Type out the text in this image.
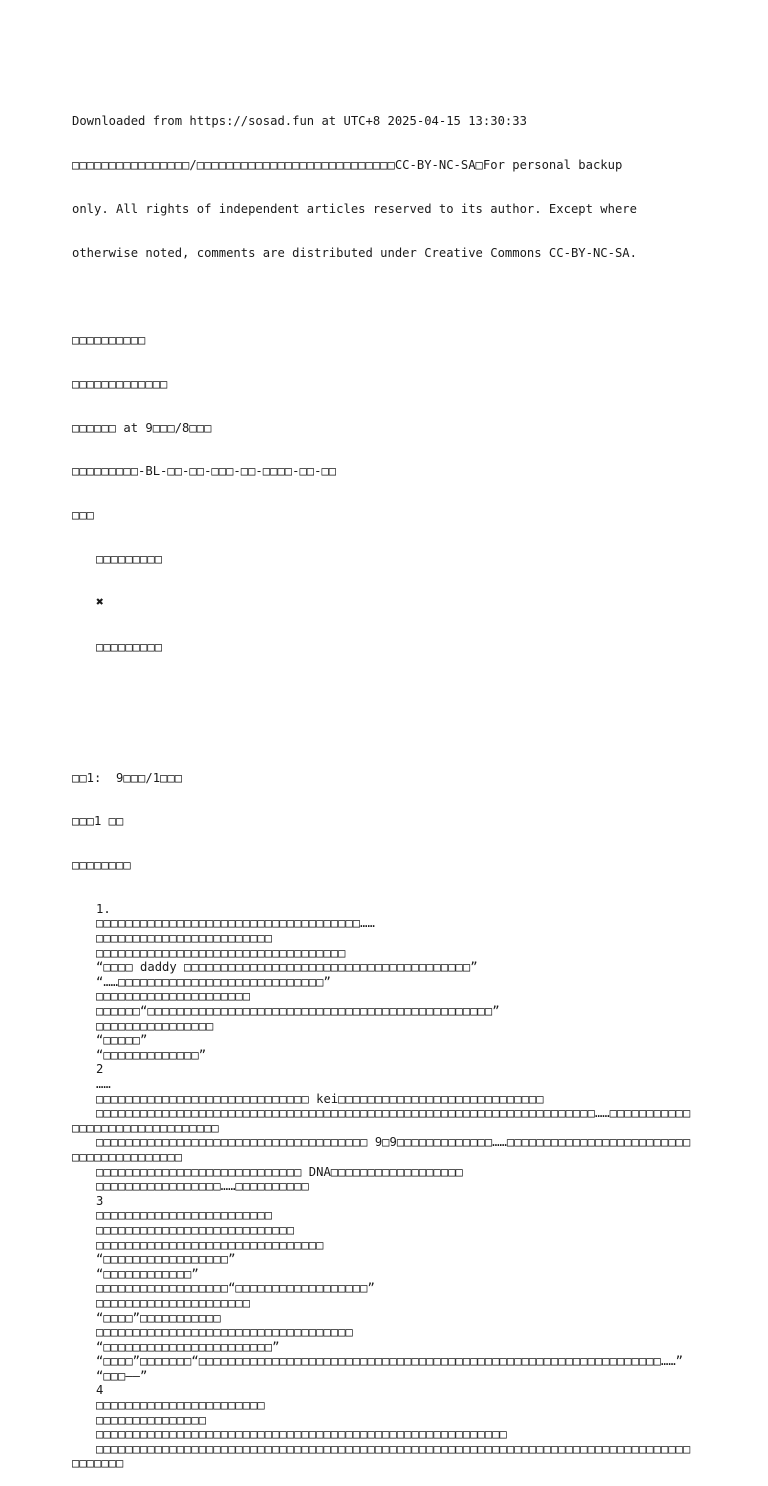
Downloaded from https://sosad.fun at UTC+8 2025-04-15 13:30:33

□□□□□□□□□□□□□□□□/□□□□□□□□□□□□□□□□□□□□□□□□□□□CC-BY-NC-SA□For personal backup

only. All rights of independent articles reserved to its author. Except where

otherwise noted, comments are distributed under Creative Commons CC-BY-NC-SA.

□□□□□□□□□□

□□□□□□□□□□□□□

□□□□□□ at 9□□□/8□□□

□□□□□□□□□-BL-□□-□□-□□□-□□-□□□□-□□-□□

□□□

□□□□□□□□□

✖

□□□□□□□□□

□□1:  9□□□/1□□□

□□□1 □□

□□□□□□□□

1.
□□□□□□□□□□□□□□□□□□□□□□□□□□□□□□□□□□□□……
□□□□□□□□□□□□□□□□□□□□□□□□
□□□□□□□□□□□□□□□□□□□□□□□□□□□□□□□□□□
“□□□□ daddy □□□□□□□□□□□□□□□□□□□□□□□□□□□□□□□□□□□□□□□”
“……□□□□□□□□□□□□□□□□□□□□□□□□□□□□”
□□□□□□□□□□□□□□□□□□□□□
□□□□□□“□□□□□□□□□□□□□□□□□□□□□□□□□□□□□□□□□□□□□□□□□□□□□□□”
□□□□□□□□□□□□□□□□
“□□□□□”
“□□□□□□□□□□□□□”
2
……
□□□□□□□□□□□□□□□□□□□□□□□□□□□□□ kei□□□□□□□□□□□□□□□□□□□□□□□□□□□□
□□□□□□□□□□□□□□□□□□□□□□□□□□□□□□□□□□□□□□□□□□□□□□□□□□□□□□□□□□□□□□□□□□□□……□□□□□□□□□□□□□□□□□□□□□□□□□□□□□□□
□□□□□□□□□□□□□□□□□□□□□□□□□□□□□□□□□□□□□ 9□9□□□□□□□□□□□□□……□□□□□□□□□□□□□□□□□□□□□□□□□□□□□□□□□□□□□□□□
□□□□□□□□□□□□□□□□□□□□□□□□□□□□ DNA□□□□□□□□□□□□□□□□□□
□□□□□□□□□□□□□□□□□……□□□□□□□□□□
3
□□□□□□□□□□□□□□□□□□□□□□□□
□□□□□□□□□□□□□□□□□□□□□□□□□□□
□□□□□□□□□□□□□□□□□□□□□□□□□□□□□□□
“□□□□□□□□□□□□□□□□□”
“□□□□□□□□□□□□”
□□□□□□□□□□□□□□□□□□“□□□□□□□□□□□□□□□□□□”
□□□□□□□□□□□□□□□□□□□□□
“□□□□”□□□□□□□□□□□
□□□□□□□□□□□□□□□□□□□□□□□□□□□□□□□□□□□
“□□□□□□□□□□□□□□□□□□□□□□□”
“□□□□”□□□□□□□“□□□□□□□□□□□□□□□□□□□□□□□□□□□□□□□□□□□□□□□□□□□□□□□□□□□□□□□□□□□□□□□……”
“□□□——”
4
□□□□□□□□□□□□□□□□□□□□□□□
□□□□□□□□□□□□□□□
□□□□□□□□□□□□□□□□□□□□□□□□□□□□□□□□□□□□□□□□□□□□□□□□□□□□□□□□
□□□□□□□□□□□□□□□□□□□□□□□□□□□□□□□□□□□□□□□□□□□□□□□□□□□□□□□□□□□□□□□□□□□□□□□□□□□□□□□□□□□□□□□□
